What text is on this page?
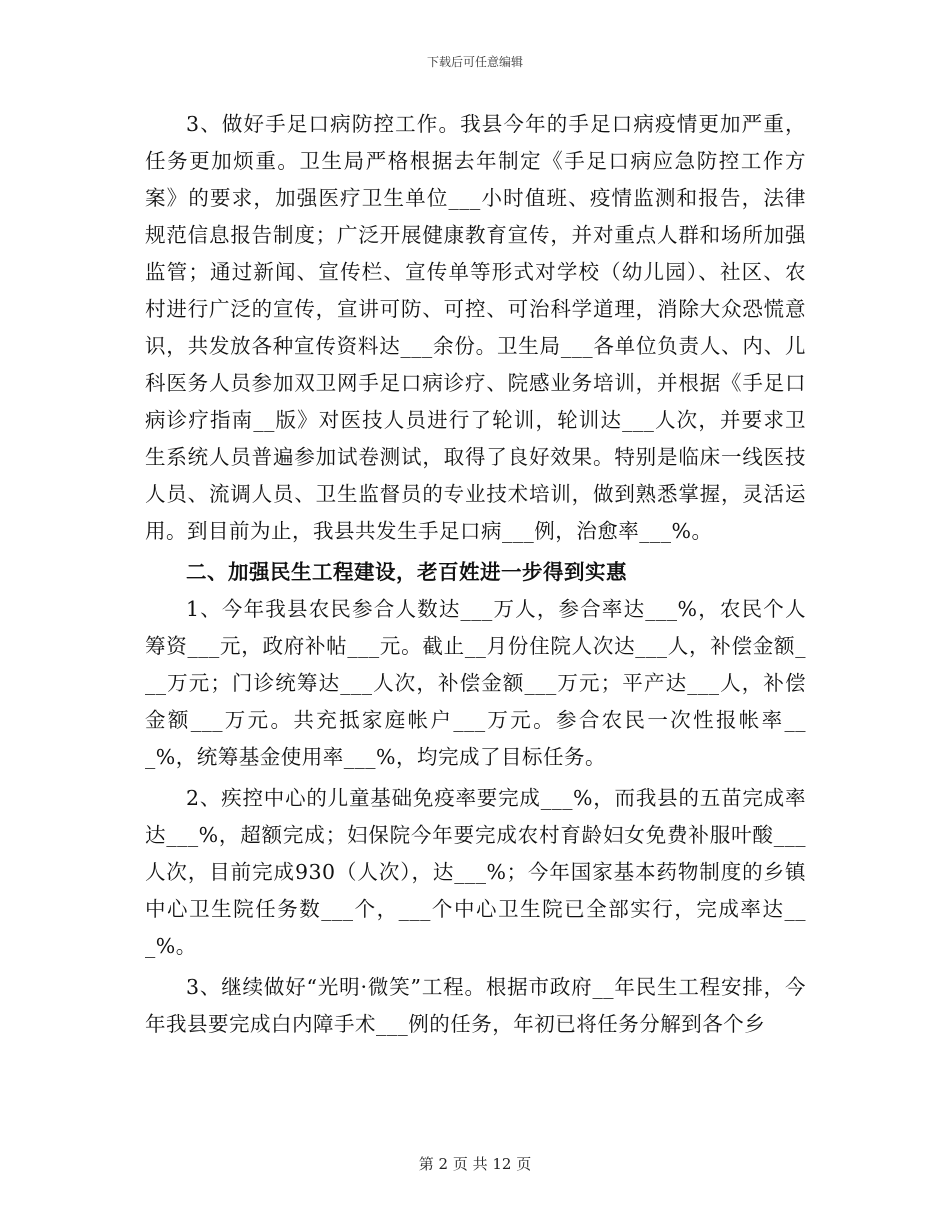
下载后可任意编辑

3、做好手足口病防控工作。我县今年的手足口病疫情更加严重，任务更加烦重。卫生局严格根据去年制定《手足口病应急防控工作方案》的要求，加强医疗卫生单位___小时值班、疫情监测和报告，法律规范信息报告制度；广泛开展健康教育宣传，并对重点人群和场所加强监管；通过新闻、宣传栏、宣传单等形式对学校（幼儿园）、社区、农村进行广泛的宣传，宣讲可防、可控、可治科学道理，消除大众恐慌意识，共发放各种宣传资料达___余份。卫生局___各单位负责人、内、儿科医务人员参加双卫网手足口病诊疗、院感业务培训，并根据《手足口病诊疗指南__版》对医技人员进行了轮训，轮训达___人次，并要求卫生系统人员普遍参加试卷测试，取得了良好效果。特别是临床一线医技人员、流调人员、卫生监督员的专业技术培训，做到熟悉掌握，灵活运用。到目前为止，我县共发生手足口病___例，治愈率___%。

二、加强民生工程建设，老百姓进一步得到实惠

1、今年我县农民参合人数达___万人，参合率达___%，农民个人筹资___元，政府补帖___元。截止__月份住院人次达___人，补偿金额___万元；门诊统筹达___人次，补偿金额___万元；平产达___人，补偿金额___万元。共充抵家庭帐户___万元。参合农民一次性报帐率___%，统筹基金使用率___%，均完成了目标任务。

2、疾控中心的儿童基础免疫率要完成___%，而我县的五苗完成率达___%，超额完成；妇保院今年要完成农村育龄妇女免费补服叶酸___人次，目前完成930（人次），达___%；今年国家基本药物制度的乡镇中心卫生院任务数___个，___个中心卫生院已全部实行，完成率达___%。

3、继续做好“光明·微笑”工程。根据市政府__年民生工程安排，今年我县要完成白内障手术___例的任务，年初已将任务分解到各个乡

第 2 页 共 12 页
